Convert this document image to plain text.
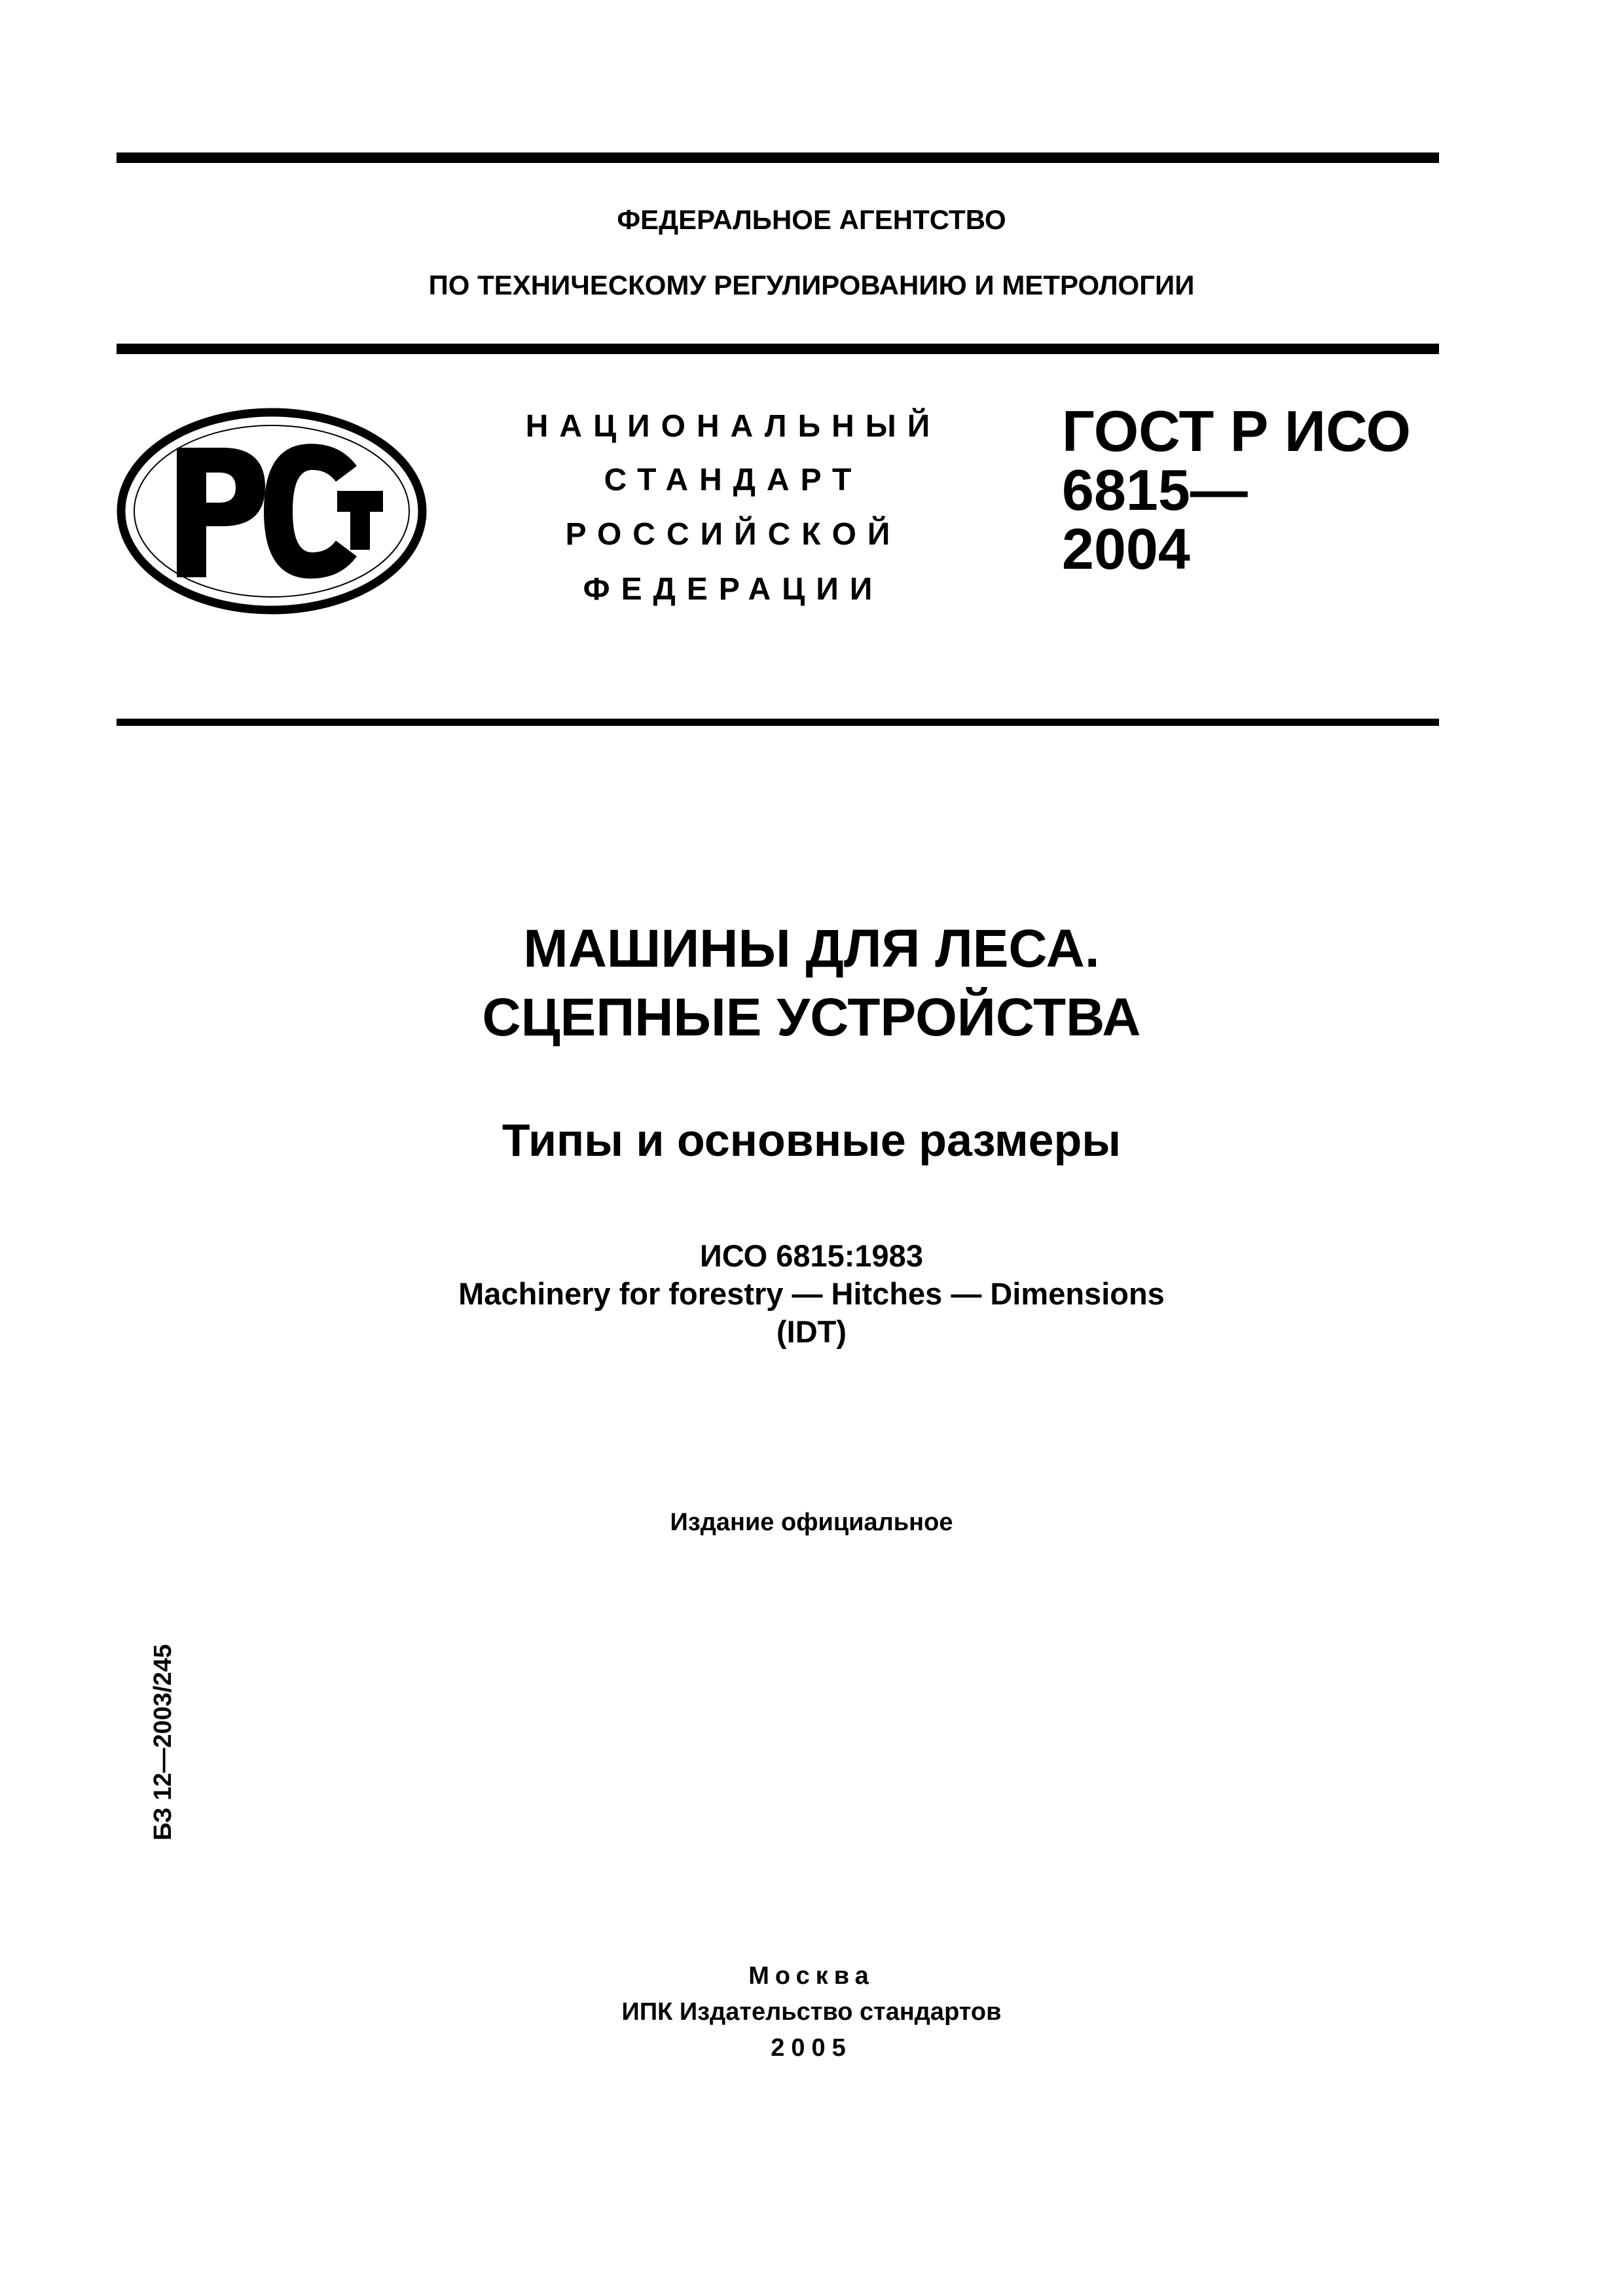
ФЕДЕРАЛЬНОЕ АГЕНТСТВО
ПО ТЕХНИЧЕСКОМУ РЕГУЛИРОВАНИЮ И МЕТРОЛОГИИ
НАЦИОНАЛЬНЫЙ
СТАНДАРТ
РОССИЙСКОЙ
ФЕДЕРАЦИИ
ГОСТ Р ИСО
6815—
2004
МАШИНЫ ДЛЯ ЛЕСА.
СЦЕПНЫЕ УСТРОЙСТВА
Типы и основные размеры
ИСО 6815:1983
Machinery for forestry — Hitches — Dimensions
(IDT)
Издание официальное
БЗ 12—2003/245
Москва
ИПК Издательство стандартов
2005
